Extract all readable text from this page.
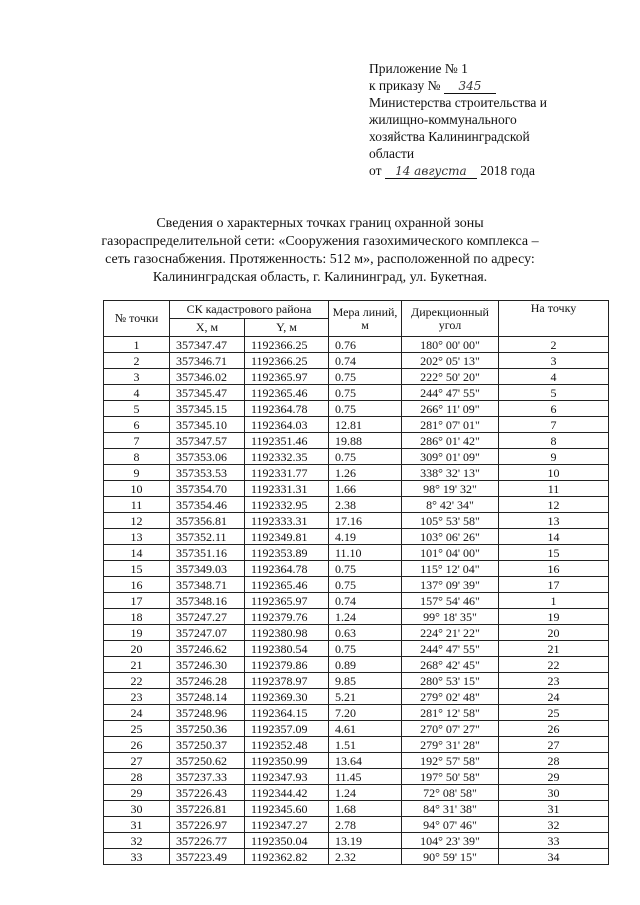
Приложение № 1
к приказу № 345
Министерства строительства и
жилищно-коммунального
хозяйства Калининградской
области
от 14 августа 2018 года
Сведения о характерных точках границ охранной зоны
газораспределительной сети: «Сооружения газохимического комплекса –
сеть газоснабжения. Протяженность: 512 м», расположенной по адресу:
Калининградская область, г. Калининград, ул. Букетная.
№ точки	СК кадастрового района		Мера линий, м	Дирекционный угол	На точку
	X, м	Y, м			
1	357347.47	1192366.25	0.76	180° 00' 00"	2
2	357346.71	1192366.25	0.74	202° 05' 13"	3
3	357346.02	1192365.97	0.75	222° 50' 20"	4
4	357345.47	1192365.46	0.75	244° 47' 55"	5
5	357345.15	1192364.78	0.75	266° 11' 09"	6
6	357345.10	1192364.03	12.81	281° 07' 01"	7
7	357347.57	1192351.46	19.88	286° 01' 42"	8
8	357353.06	1192332.35	0.75	309° 01' 09"	9
9	357353.53	1192331.77	1.26	338° 32' 13"	10
10	357354.70	1192331.31	1.66	98° 19' 32"	11
11	357354.46	1192332.95	2.38	8° 42' 34"	12
12	357356.81	1192333.31	17.16	105° 53' 58"	13
13	357352.11	1192349.81	4.19	103° 06' 26"	14
14	357351.16	1192353.89	11.10	101° 04' 00"	15
15	357349.03	1192364.78	0.75	115° 12' 04"	16
16	357348.71	1192365.46	0.75	137° 09' 39"	17
17	357348.16	1192365.97	0.74	157° 54' 46"	1
18	357247.27	1192379.76	1.24	99° 18' 35"	19
19	357247.07	1192380.98	0.63	224° 21' 22"	20
20	357246.62	1192380.54	0.75	244° 47' 55"	21
21	357246.30	1192379.86	0.89	268° 42' 45"	22
22	357246.28	1192378.97	9.85	280° 53' 15"	23
23	357248.14	1192369.30	5.21	279° 02' 48"	24
24	357248.96	1192364.15	7.20	281° 12' 58"	25
25	357250.36	1192357.09	4.61	270° 07' 27"	26
26	357250.37	1192352.48	1.51	279° 31' 28"	27
27	357250.62	1192350.99	13.64	192° 57' 58"	28
28	357237.33	1192347.93	11.45	197° 50' 58"	29
29	357226.43	1192344.42	1.24	72° 08' 58"	30
30	357226.81	1192345.60	1.68	84° 31' 38"	31
31	357226.97	1192347.27	2.78	94° 07' 46"	32
32	357226.77	1192350.04	13.19	104° 23' 39"	33
33	357223.49	1192362.82	2.32	90° 59' 15"	34
